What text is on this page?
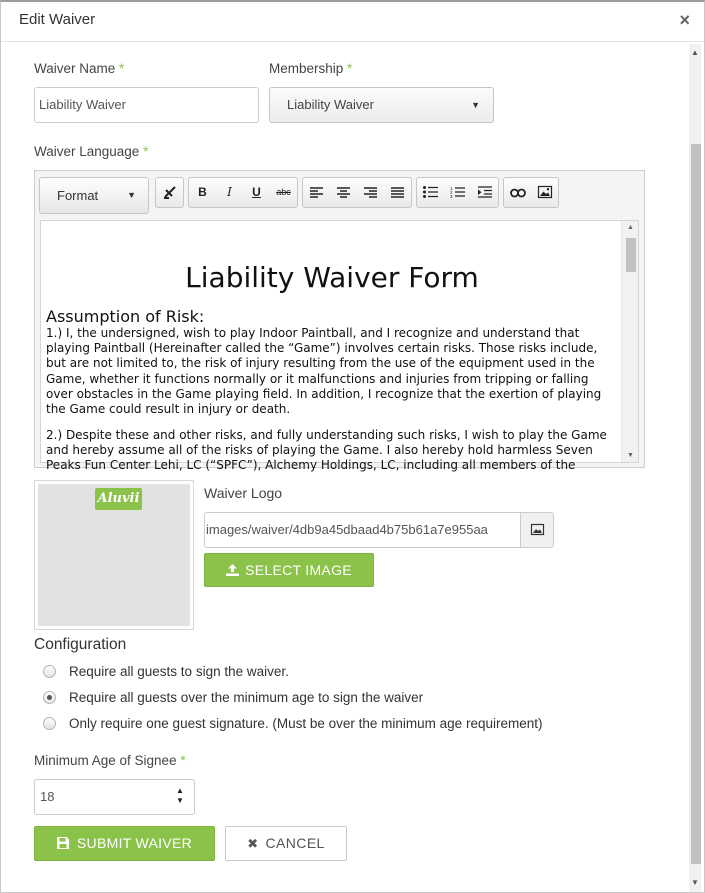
Edit Waiver	×
▲
▼
Waiver Name *
Liability Waiver
Membership *
Liability Waiver	▼
Waiver Language *
Format	▼	B	I	U	abc	1
2
3
Liability Waiver Form
Assumption of Risk:
1.) I, the undersigned, wish to play Indoor Paintball, and I recognize and understand that playing Paintball (Hereinafter called the “Game”) involves certain risks. Those risks include, but are not limited to, the risk of injury resulting from the use of the equipment used in the Game, whether it functions normally or it malfunctions and injuries from tripping or falling over obstacles in the Game playing field. In addition, I recognize that the exertion of playing the Game could result in injury or death.
2.) Despite these and other risks, and fully understanding such risks, I wish to play the Game and hereby assume all of the risks of playing the Game. I also hereby hold harmless Seven Peaks Fun Center Lehi, LC (“SPFC”), Alchemy Holdings, LC, including all members of the
▲
▼
Aluvii	Waiver Logo
images/waiver/4db9a45dbaad4b75b61a7e955aa
SELECT IMAGE
Configuration
Require all guests to sign the waiver.
Require all guests over the minimum age to sign the waiver
Only require one guest signature. (Must be over the minimum age requirement)
Minimum Age of Signee *
18	▲
▼
SUBMIT WAIVER	✖ CANCEL
